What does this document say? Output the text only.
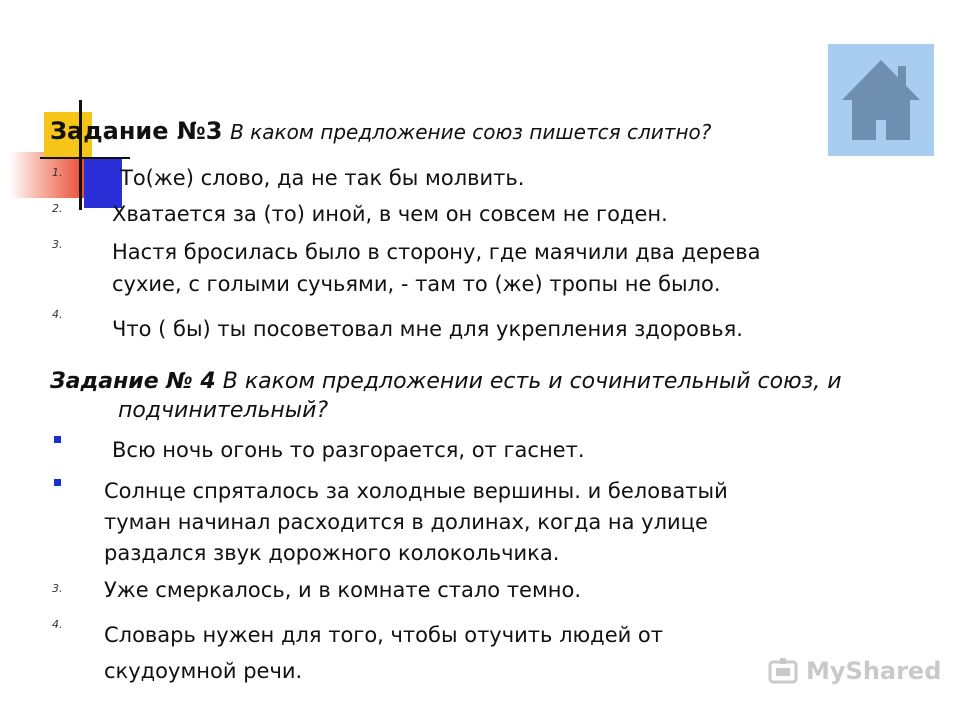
Задание №3 В каком предложение союз пишется слитно?
1.	То(же) слово, да не так бы молвить.
2. Хватается за (то) иной, в чем он совсем не годен.
3. Настя бросилась было в сторону, где маячили два дерева
сухие, с голыми сучьями, - там то (же) тропы не было.
4.
Что ( бы) ты посоветовал мне для укрепления здоровья.
Задание № 4 В каком предложении есть и сочинительный союз, и
подчинительный?
Всю ночь огонь то разгорается, от гаснет.
Солнце спряталось за холодные вершины. и беловатый
туман начинал расходится в долинах, когда на улице
раздался звук дорожного колокольчика.
3. Уже смеркалось, и в комнате стало темно.
4. Словарь нужен для того, чтобы отучить людей от
скудоумной речи.	MyShared
